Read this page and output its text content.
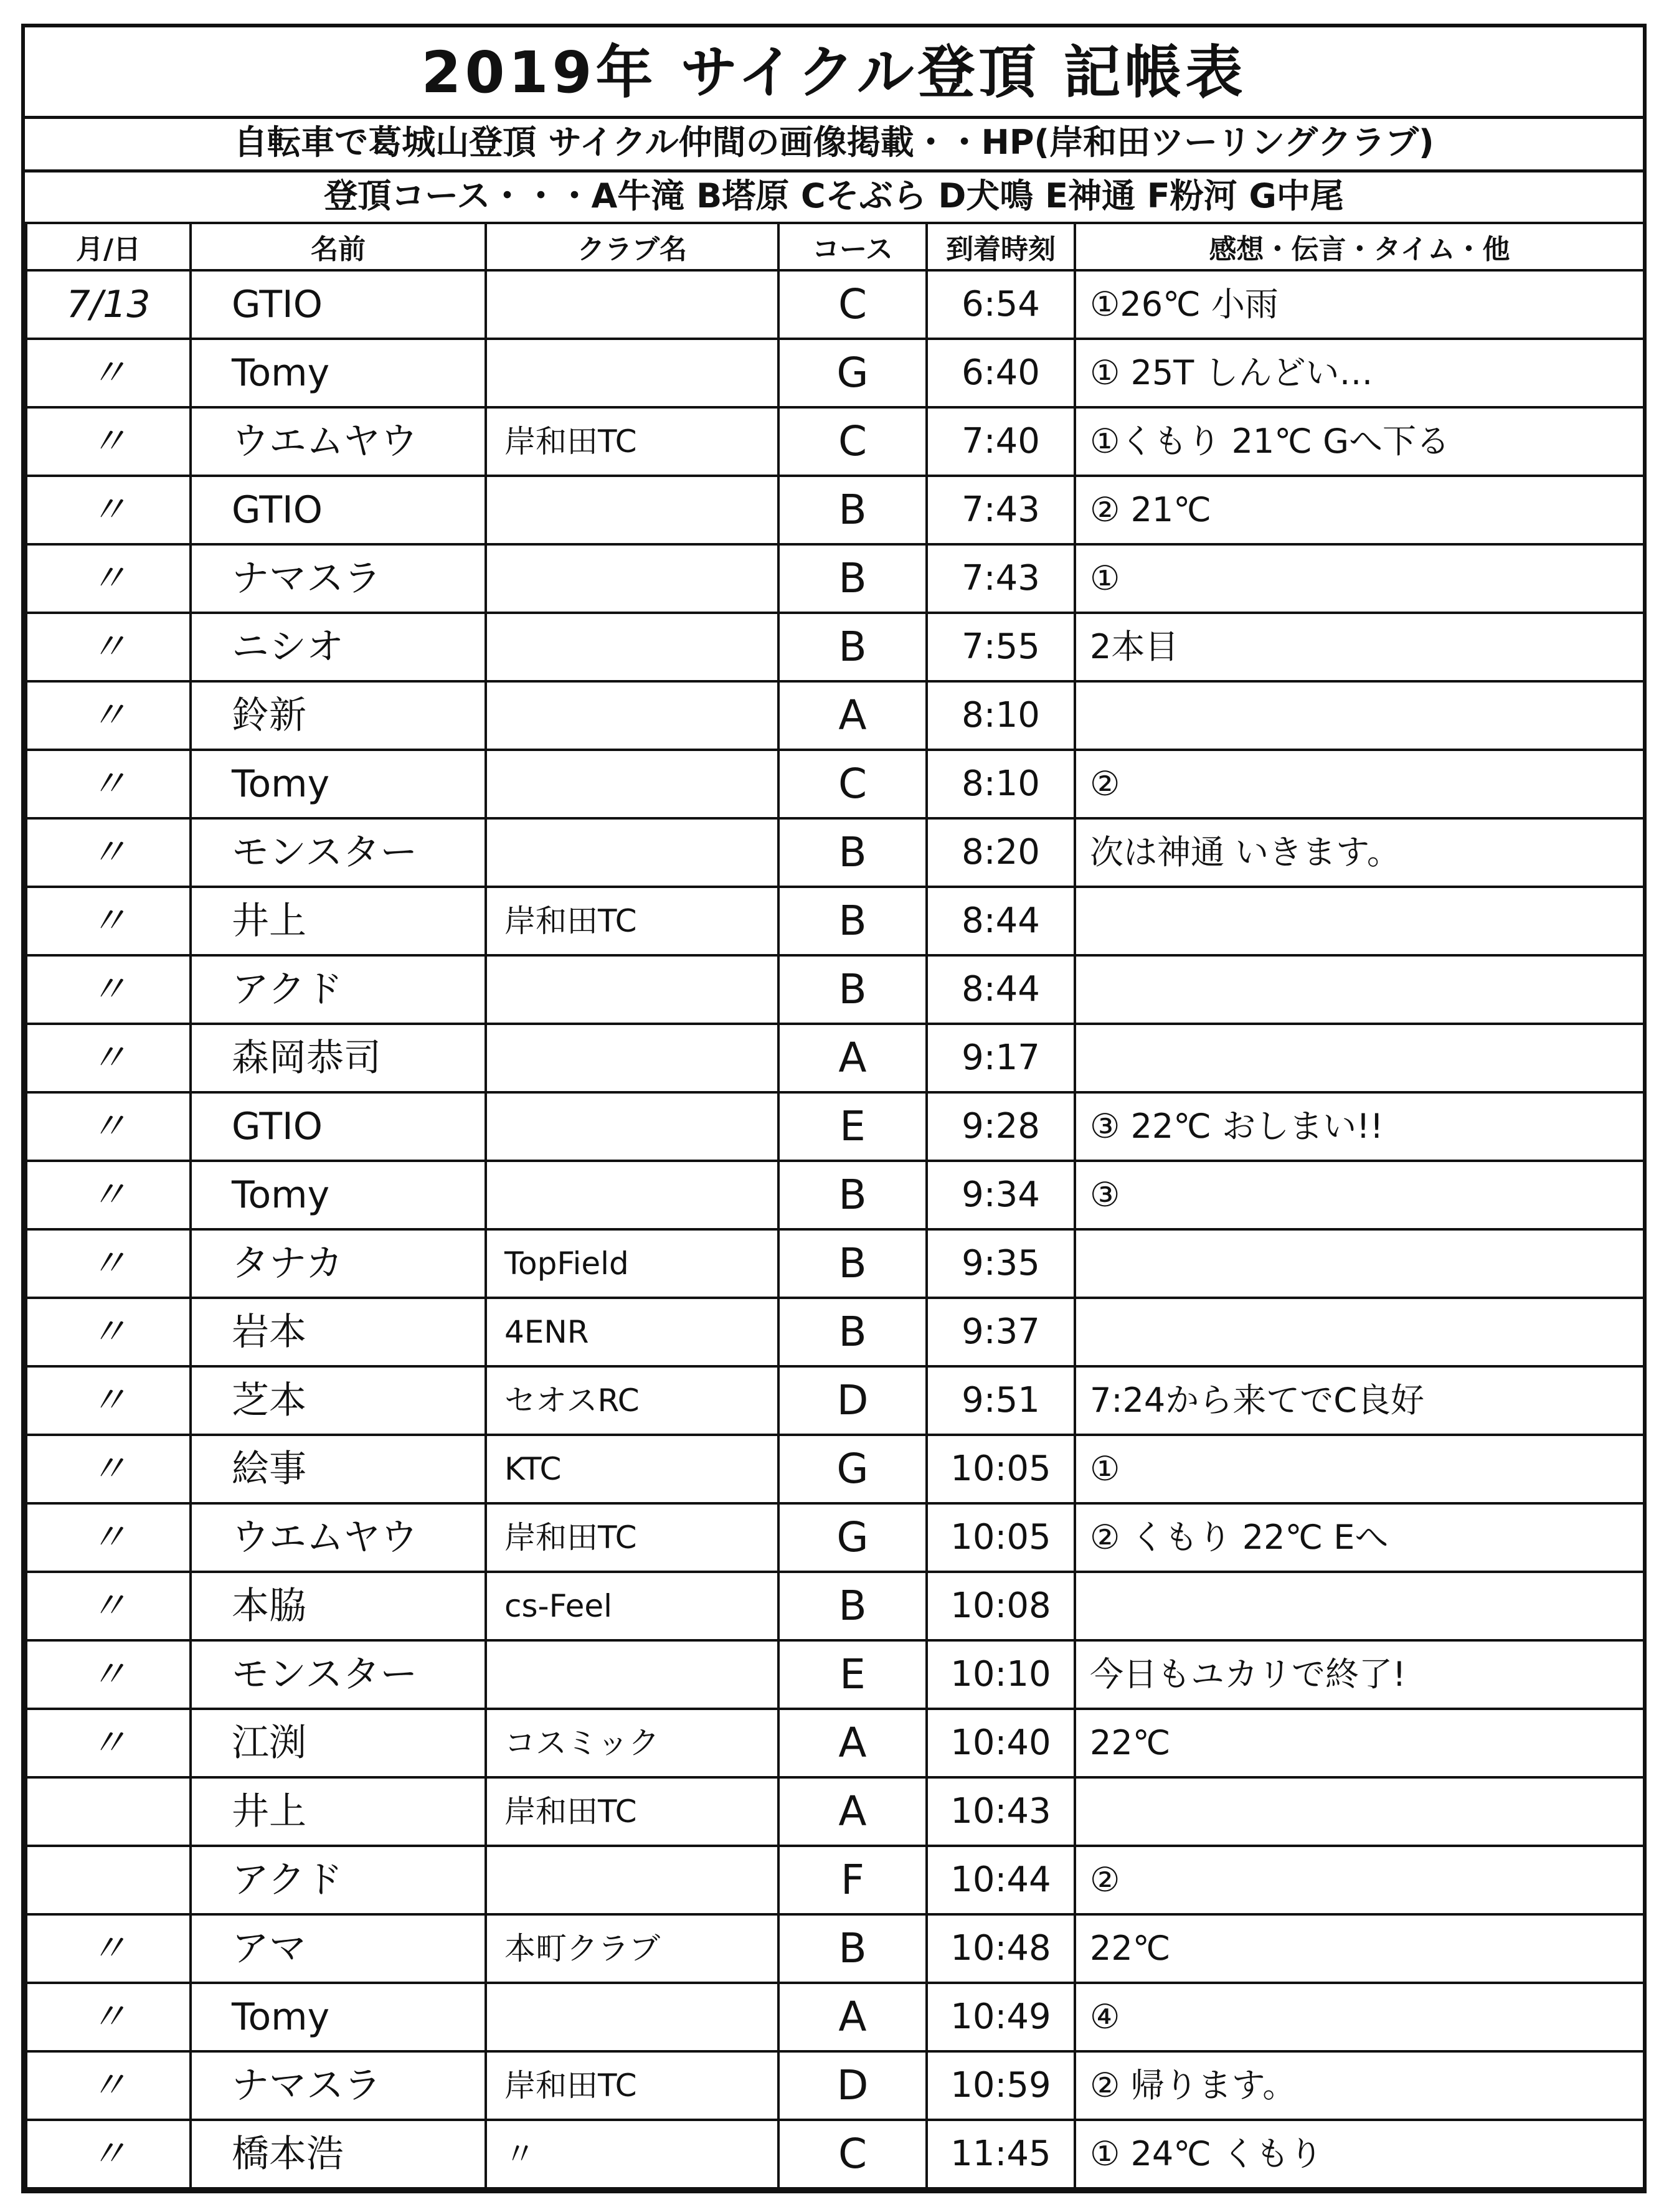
2019年 サイクル登頂 記帳表
自転車で葛城山登頂 サイクル仲間の画像掲載・・HP(岸和田ツーリングクラブ)
登頂コース・・・A牛滝 B塔原 Cそぶら D犬鳴 E神通 F粉河 G中尾
月/日	名前	クラブ名	コース	到着時刻	感想・伝言・タイム・他
7/13	GTIO		C	6:54	①26℃ 小雨
〃	Tomy		G	6:40	① 25T しんどい…
〃	ウエムヤウ	岸和田TC	C	7:40	①くもり 21℃ Gへ下る
〃	GTIO		B	7:43	② 21℃
〃	ナマスラ		B	7:43	①
〃	ニシオ		B	7:55	2本目
〃	鈴新		A	8:10	
〃	Tomy		C	8:10	②
〃	モンスター		B	8:20	次は神通 いきます。
〃	井上	岸和田TC	B	8:44	
〃	アクド		B	8:44	
〃	森岡恭司		A	9:17	
〃	GTIO		E	9:28	③ 22℃ おしまい!!
〃	Tomy		B	9:34	③
〃	タナカ	TopField	B	9:35	
〃	岩本	4ENR	B	9:37	
〃	芝本	セオスRC	D	9:51	7:24から来てでC良好
〃	絵事	KTC	G	10:05	①
〃	ウエムヤウ	岸和田TC	G	10:05	② くもり 22℃ Eへ
〃	本脇	cs-Feel	B	10:08	
〃	モンスター		E	10:10	今日もユカリで終了!
〃	江渕	コスミック	A	10:40	22℃
	井上	岸和田TC	A	10:43	
	アクド		F	10:44	②
〃	アマ	本町クラブ	B	10:48	22℃
〃	Tomy		A	10:49	④
〃	ナマスラ	岸和田TC	D	10:59	② 帰ります。
〃	橋本浩	〃	C	11:45	① 24℃ くもり
